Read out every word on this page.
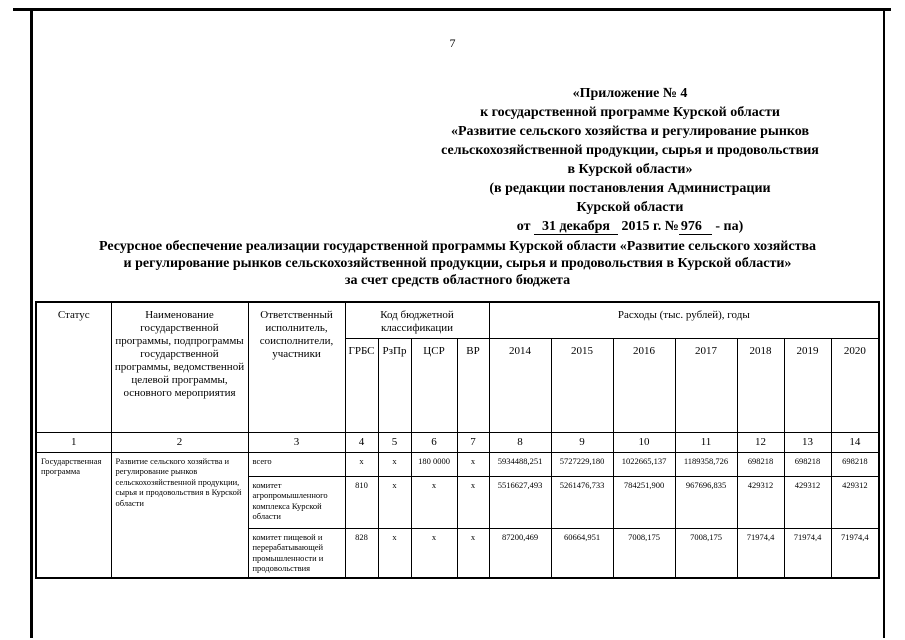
7
«Приложение № 4
к государственной программе Курской области
«Развитие сельского хозяйства и регулирование рынков
сельскохозяйственной продукции, сырья и продовольствия
в Курской области»
(в редакции постановления Администрации
Курской области
от 31 декабря 2015 г. № 976 - па)
Ресурсное обеспечение реализации государственной программы Курской области «Развитие сельского хозяйства
и регулирование рынков сельскохозяйственной продукции, сырья и продовольствия в Курской области»
за счет средств областного бюджета
Статус	Наименование государственной программы, подпрограммы государственной программы, ведомственной целевой программы, основного мероприятия	Ответственный исполнитель, соисполнители, участники	Код бюджетной классификации				Расходы (тыс. рублей), годы						
			ГРБС	РзПр	ЦСР	ВР	2014	2015	2016	2017	2018	2019	2020
1	2	3	4	5	6	7	8	9	10	11	12	13	14
Государственная программа	Развитие сельского хозяйства и регулирование рынков сельскохозяйственной продукции, сырья и продовольствия в Курской области	всего	x	x	180 0000	x	5934488,251	5727229,180	1022665,137	1189358,726	698218	698218	698218
		комитет агропромышленного комплекса Курской области	810	x	x	x	5516627,493	5261476,733	784251,900	967696,835	429312	429312	429312
		комитет пищевой и перерабатывающей промышленности и продовольствия	828	x	x	x	87200,469	60664,951	7008,175	7008,175	71974,4	71974,4	71974,4
